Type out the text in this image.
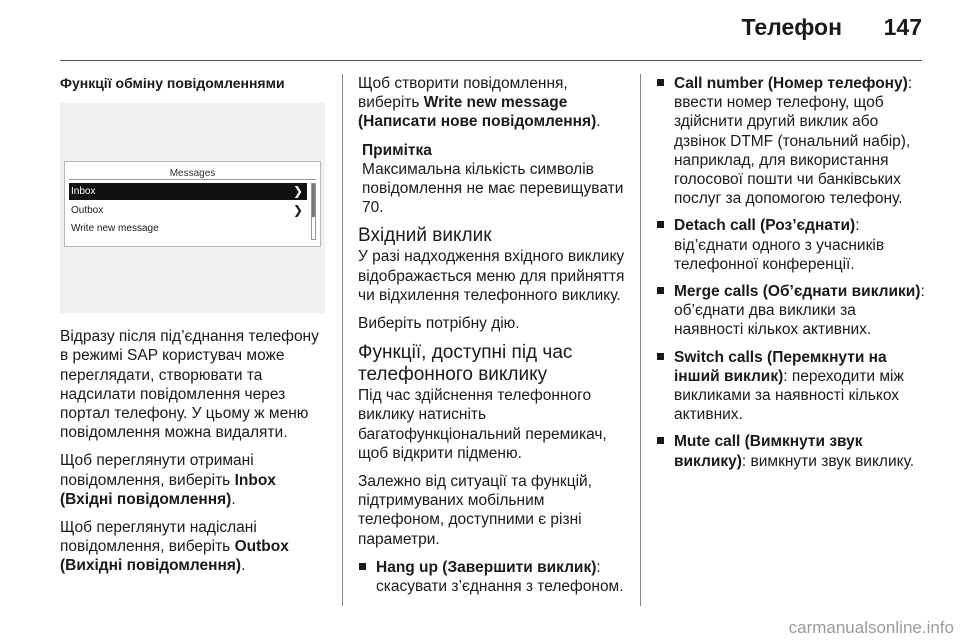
Телефон 147

Функції обміну повідомленнями

Messages
Inbox	❯
Outbox	❯
Write new message

Відразу після під’єднання телефону в режимі SAP користувач може переглядати, створювати та надсилати повідомлення через портал телефону. У цьому ж меню повідомлення можна видаляти.

Щоб переглянути отримані повідомлення, виберіть Inbox (Вхідні повідомлення).

Щоб переглянути надіслані повідомлення, виберіть Outbox (Вихідні повідомлення).

Щоб створити повідомлення, виберіть Write new message (Написати нове повідомлення).

Примітка
Максимальна кількість символів повідомлення не має перевищувати 70.
Вхідний виклик

У разі надходження вхідного виклику відображається меню для прийняття чи відхилення телефонного виклику.

Виберіть потрібну дію.

Функції, доступні під час телефонного виклику

Під час здійснення телефонного виклику натисніть багатофункціональний перемикач, щоб відкрити підменю.

Залежно від ситуації та функцій, підтримуваних мобільним телефоном, доступними є різні параметри.

Hang up (Завершити виклик): скасувати з’єднання з телефоном.
Call number (Номер телефону): ввести номер телефону, щоб здійснити другий виклик або дзвінок DTMF (тональний набір), наприклад, для використання голосової пошти чи банківських послуг за допомогою телефону.
Detach call (Роз’єднати): від’єднати одного з учасників телефонної конференції.
Merge calls (Об’єднати виклики): об’єднати два виклики за наявності кількох активних.
Switch calls (Перемкнути на інший виклик): переходити між викликами за наявності кількох активних.
Mute call (Вимкнути звук виклику): вимкнути звук виклику.
carmanualsonline.info
